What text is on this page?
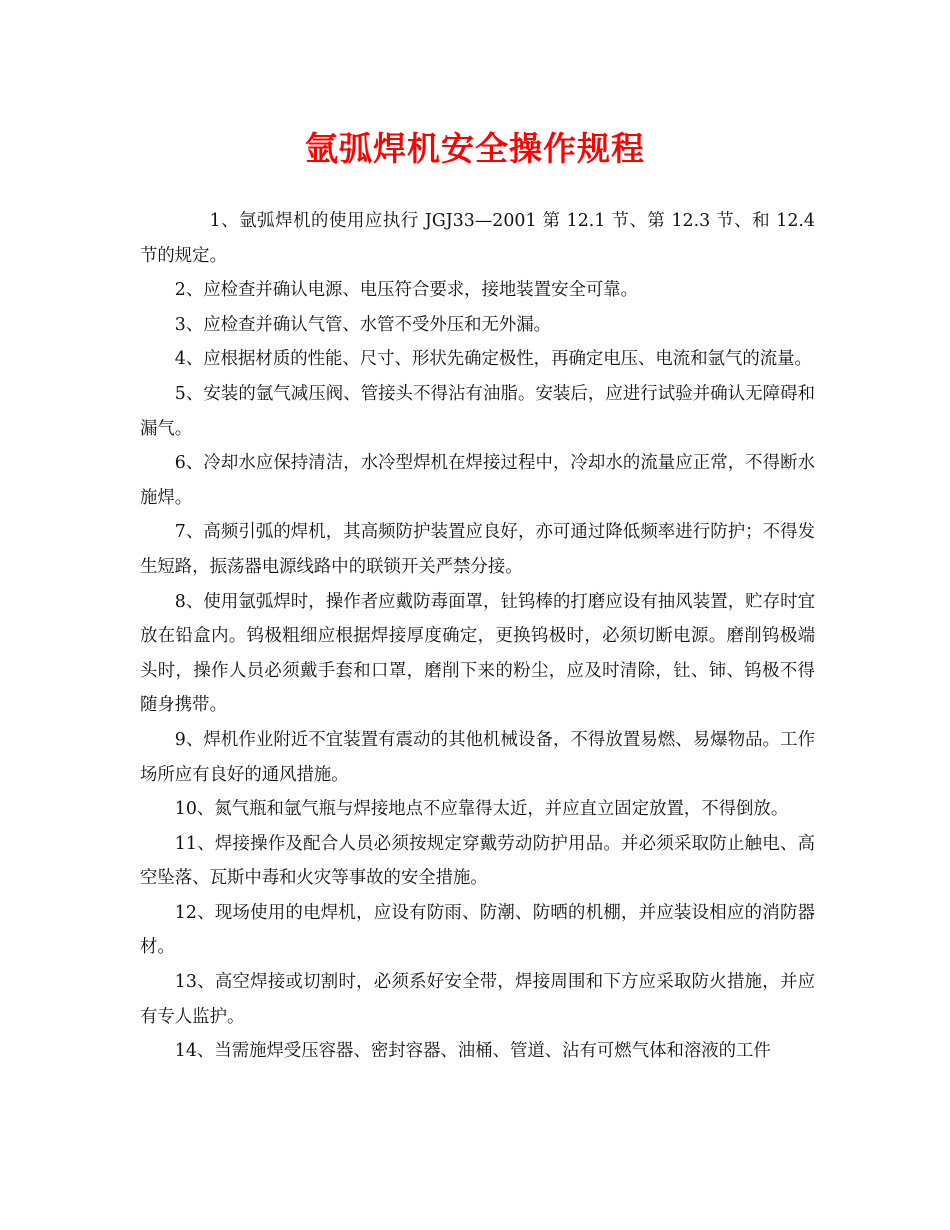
氩弧焊机安全操作规程

1、氩弧焊机的使用应执行 JGJ33—2001 第 12.1 节、第 12.3 节、和 12.4 节的规定。

2、应检查并确认电源、电压符合要求，接地装置安全可靠。

3、应检查并确认气管、水管不受外压和无外漏。

4、应根据材质的性能、尺寸、形状先确定极性，再确定电压、电流和氩气的流量。

5、安装的氩气减压阀、管接头不得沾有油脂。安装后，应进行试验并确认无障碍和漏气。

6、冷却水应保持清洁，水冷型焊机在焊接过程中，冷却水的流量应正常，不得断水施焊。

7、高频引弧的焊机，其高频防护装置应良好，亦可通过降低频率进行防护；不得发生短路，振荡器电源线路中的联锁开关严禁分接。

8、使用氩弧焊时，操作者应戴防毒面罩，钍钨棒的打磨应设有抽风装置，贮存时宜放在铅盒内。钨极粗细应根据焊接厚度确定，更换钨极时，必须切断电源。磨削钨极端头时，操作人员必须戴手套和口罩，磨削下来的粉尘，应及时清除，钍、铈、钨极不得随身携带。

9、焊机作业附近不宜装置有震动的其他机械设备，不得放置易燃、易爆物品。工作场所应有良好的通风措施。

10、氮气瓶和氩气瓶与焊接地点不应靠得太近，并应直立固定放置，不得倒放。

11、焊接操作及配合人员必须按规定穿戴劳动防护用品。并必须采取防止触电、高空坠落、瓦斯中毒和火灾等事故的安全措施。

12、现场使用的电焊机，应设有防雨、防潮、防晒的机棚，并应装设相应的消防器材。

13、高空焊接或切割时，必须系好安全带，焊接周围和下方应采取防火措施，并应有专人监护。

14、当需施焊受压容器、密封容器、油桶、管道、沾有可燃气体和溶液的工件
